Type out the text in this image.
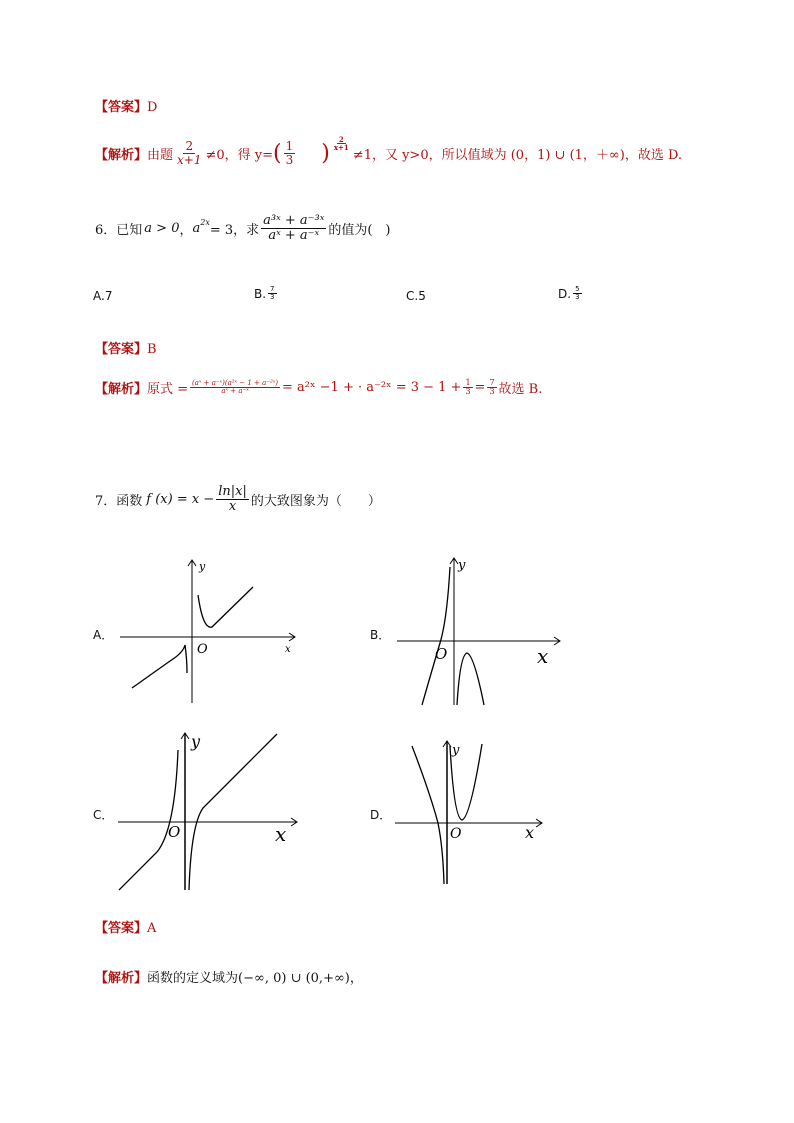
【答案】D
【解析】 由题 $\frac{2}{x+1} \ne 0$，得 y= ( $\frac{1}{3}$ ) $\frac{2}{x+1}$
≠1，又 y>0，所以值域为 (0，1) ∪ (1，＋∞)，故选 D.
6．已知 a > 0 ， $a^{2x}$
= 3，求 $\frac{\text{a³ˣ + a⁻³ˣ}}{\text{aˣ + a⁻ˣ}}$ 的值为(　)
A.7	B. $\frac{7}{3}$	C.5	D. $\frac{5}{3}$
【答案】B
【解析】 原式 = $\frac{\text{(aˣ + a⁻ˣ)(a²ˣ − 1 + a⁻²ˣ)}}{\text{aˣ + a⁻ˣ}}$ = a²ˣ −1 + · a⁻²ˣ = $3 - 1 + \frac{1}{3} = \frac{7}{3}$ 故选 B.
7．函数 f $(x) = x - \frac{\ln|x|}{x}$ 的大致图象为（　　）
A．	B．
C．	D．
y
x
O
y
x
O
y
x
O
y
x
O
【答案】A
【解析】 函数的定义域为 (−∞, 0) ∪ (0,+∞)，
